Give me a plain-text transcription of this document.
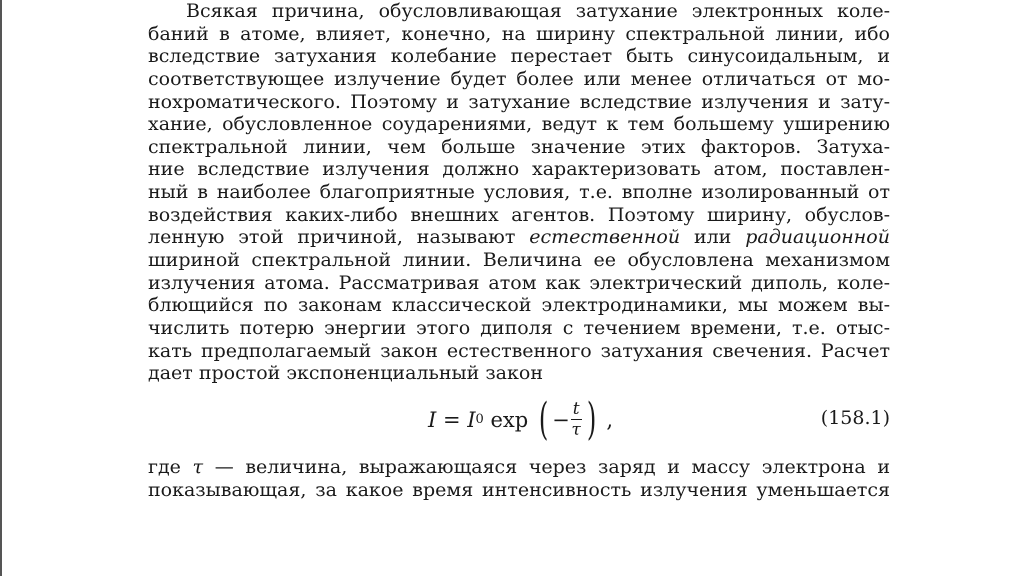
Всякая причина, обусловливающая затухание электронных коле-
баний в атоме, влияет, конечно, на ширину спектральной линии, ибо
вследствие затухания колебание перестает быть синусоидальным, и
соответствующее излучение будет более или менее отличаться от мо-
нохроматического. Поэтому и затухание вследствие излучения и зату-
хание, обусловленное соударениями, ведут к тем большему уширению
спектральной линии, чем больше значение этих факторов. Затуха-
ние вследствие излучения должно характеризовать атом, поставлен-
ный в наиболее благоприятные условия, т.е. вполне изолированный от
воздействия каких-либо внешних агентов. Поэтому ширину, обуслов-
ленную этой причиной, называют естественной или радиационной
шириной спектральной линии. Величина ее обусловлена механизмом
излучения атома. Рассматривая атом как электрический диполь, коле-
блющийся по законам классической электродинамики, мы можем вы-
числить потерю энергии этого диполя с течением времени, т.е. отыс-
кать предполагаемый закон естественного затухания свечения. Расчет
дает простой экспоненциальный закон
I = I 0 exp ( − $\frac{t}{\tau}$ ) ,	(158.1)
где τ — величина, выражающаяся через заряд и массу электрона и
показывающая, за какое время интенсивность излучения уменьшается
